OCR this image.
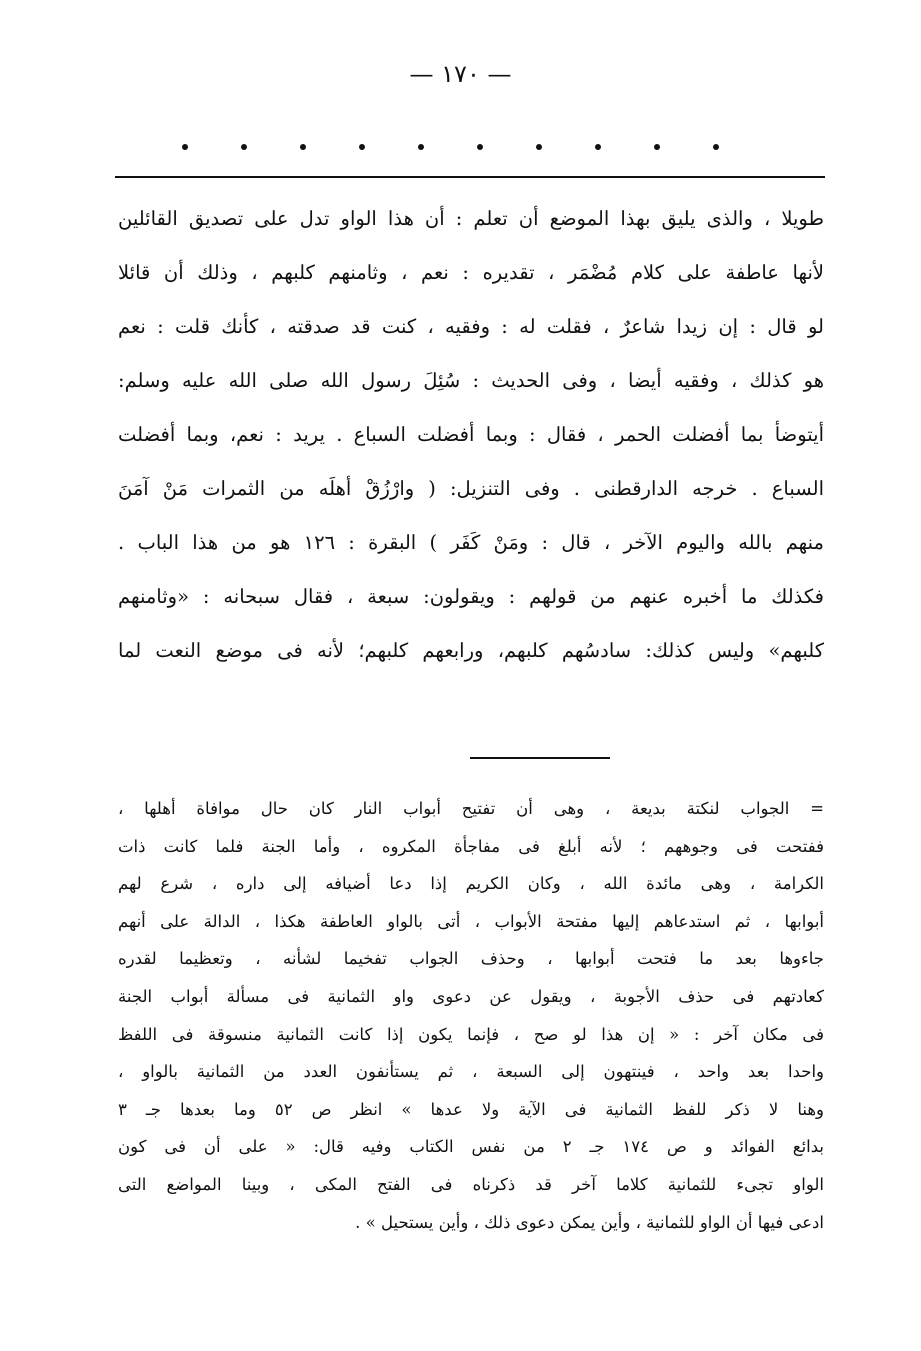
— ١٧٠ —
طويلا ، والذى يليق بهذا الموضع أن تعلم : أن هذا الواو تدل على تصديق القائلين
لأنها عاطفة على كلام مُضْمَر ، تقديره : نعم ، وثامنهم كلبهم ، وذلك أن قائلا
لو قال : إن زيدا شاعرٌ ، فقلت له : وفقيه ، كنت قد صدقته ، كأنك قلت : نعم
هو كذلك ، وفقيه أيضا ، وفى الحديث : سُئِلَ رسول الله صلى الله عليه وسلم:
أيتوضأ بما أفضلت الحمر ، فقال : وبما أفضلت السباع . يريد : نعم، وبما أفضلت
السباع . خرجه الدارقطنى . وفى التنزيل: ( وارْزُقْ أهلَه من الثمرات مَنْ آمَنَ
منهم بالله واليوم الآخر ، قال : ومَنْ كَفَر ) البقرة : ١٢٦ هو من هذا الباب .
فكذلك ما أخبره عنهم من قولهم : ويقولون: سبعة ، فقال سبحانه : «وثامنهم
كلبهم» وليس كذلك: سادسُهم كلبهم، ورابعهم كلبهم؛ لأنه فى موضع النعت لما
= الجواب لنكتة بديعة ، وهى أن تفتيح أبواب النار كان حال موافاة أهلها ،
ففتحت فى وجوههم ؛ لأنه أبلغ فى مفاجأة المكروه ، وأما الجنة فلما كانت ذات
الكرامة ، وهى مائدة الله ، وكان الكريم إذا دعا أضيافه إلى داره ، شرع لهم
أبوابها ، ثم استدعاهم إليها مفتحة الأبواب ، أتى بالواو العاطفة هكذا ، الدالة على أنهم
جاءوها بعد ما فتحت أبوابها ، وحذف الجواب تفخيما لشأنه ، وتعظيما لقدره
كعادتهم فى حذف الأجوبة ، ويقول عن دعوى واو الثمانية فى مسألة أبواب الجنة
فى مكان آخر : « إن هذا لو صح ، فإنما يكون إذا كانت الثمانية منسوقة فى اللفظ
واحدا بعد واحد ، فينتهون إلى السبعة ، ثم يستأنفون العدد من الثمانية بالواو ،
وهنا لا ذكر للفظ الثمانية فى الآية ولا عدها » انظر ص ٥٢ وما بعدها جـ ٣
بدائع الفوائد و ص ١٧٤ جـ ٢ من نفس الكتاب وفيه قال: « على أن فى كون
الواو تجىء للثمانية كلاما آخر قد ذكرناه فى الفتح المكى ، وبينا المواضع التى
ادعى فيها أن الواو للثمانية ، وأين يمكن دعوى ذلك ، وأين يستحيل » .
